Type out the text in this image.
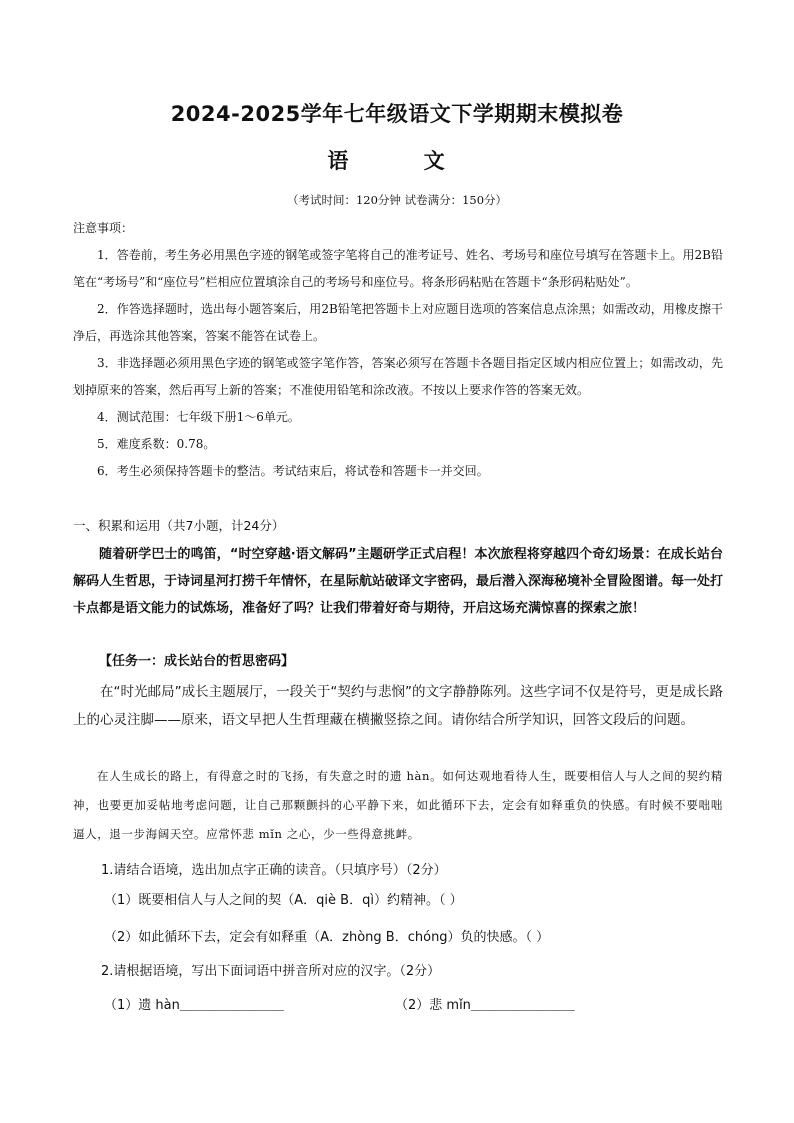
2024-2025学年七年级语文下学期期末模拟卷
语 文
（考试时间：120分钟 试卷满分：150分）
注意事项：

1．答卷前，考生务必用黑色字迹的钢笔或签字笔将自己的准考证号、姓名、考场号和座位号填写在答题卡上。用2B铅笔在“考场号”和“座位号”栏相应位置填涂自己的考场号和座位号。将条形码粘贴在答题卡“条形码粘贴处”。

2．作答选择题时，选出每小题答案后，用2B铅笔把答题卡上对应题目选项的答案信息点涂黑；如需改动，用橡皮擦干净后，再选涂其他答案，答案不能答在试卷上。

3．非选择题必须用黑色字迹的钢笔或签字笔作答，答案必须写在答题卡各题目指定区域内相应位置上；如需改动，先划掉原来的答案，然后再写上新的答案；不准使用铅笔和涂改液。不按以上要求作答的答案无效。

4．测试范围：七年级下册1～6单元。

5．难度系数：0.78。

6．考生必须保持答题卡的整洁。考试结束后，将试卷和答题卡一并交回。

一、积累和运用（共7小题，计24分）

随着研学巴士的鸣笛，“时空穿越·语文解码”主题研学正式启程！本次旅程将穿越四个奇幻场景：在成长站台解码人生哲思，于诗词星河打捞千年情怀，在星际航站破译文字密码，最后潜入深海秘境补全冒险图谱。每一处打卡点都是语文能力的试炼场，准备好了吗？让我们带着好奇与期待，开启这场充满惊喜的探索之旅！

【任务一：成长站台的哲思密码】

在“时光邮局”成长主题展厅，一段关于“契约与悲悯”的文字静静陈列。这些字词不仅是符号，更是成长路上的心灵注脚——原来，语文早把人生哲理藏在横撇竖捺之间。请你结合所学知识，回答文段后的问题。

在人生成长的路上，有得意之时的飞扬，有失意之时的遗 hàn。如何达观地看待人生，既要相信人与人之间的契约精神，也要更加妥帖地考虑问题，让自己那颗颤抖的心平静下来，如此循环下去，定会有如释重负的快感。有时候不要咄咄逼人，退一步海阔天空。应常怀悲 mǐn 之心，少一些得意挑衅。

1.请结合语境，选出加点字正确的读音。（只填序号）（2分）
（1）既要相信人与人之间的契（A．qiè B．qì）约精神。（ ）
（2）如此循环下去，定会有如释重（A．zhòng B．chóng）负的快感。（ ）
2.请根据语境，写出下面词语中拼音所对应的汉字。（2分）
（1）遗 hàn＿＿＿＿＿＿＿＿	（2）悲 mǐn＿＿＿＿＿＿＿＿
